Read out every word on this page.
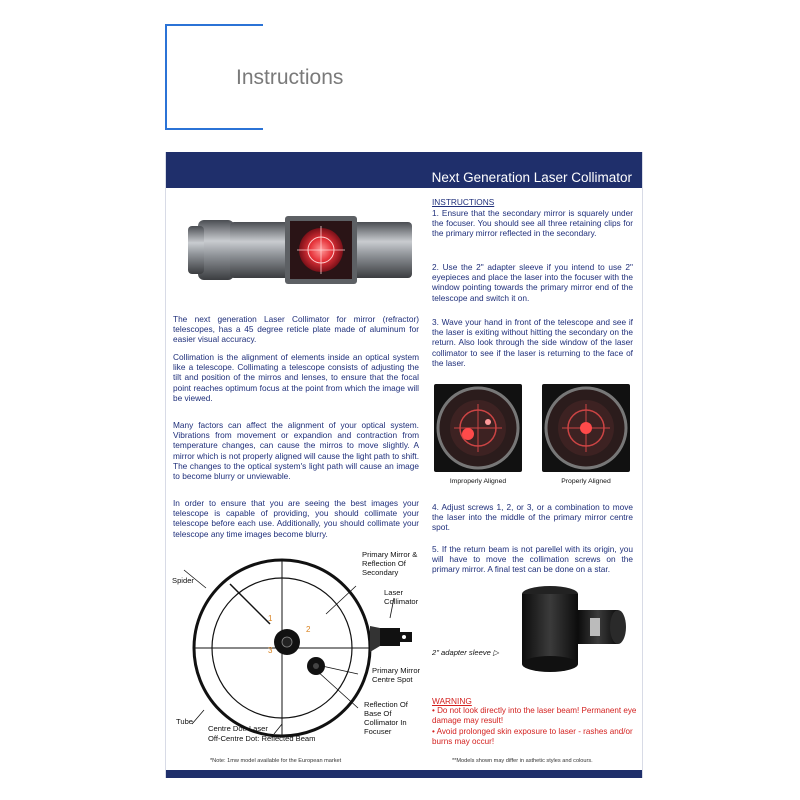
Instructions
Next Generation Laser Collimator
The next generation Laser Collimator for mirror (refractor) telescopes, has a 45 degree reticle plate made of aluminum for easier visual accuracy.
Collimation is the alignment of elements inside an optical system like a telescope. Collimating a telescope consists of adjusting the tilt and position of the mirros and lenses, to ensure that the focal point reaches optimum focus at the point from which the image will be viewed.
Many factors can affect the alignment of your optical system. Vibrations from movement or expandion and contraction from temperature changes, can cause the mirros to move slightly. A mirror which is not properly aligned will cause the light path to shift. The changes to the optical system's light path will cause an image to become blurry or unviewable.
In order to ensure that you are seeing the best images your telescope is capable of providing, you should collimate your telescope before each use. Additionally, you should collimate your telescope any time images become blurry.
INSTRUCTIONS
1. Ensure that the secondary mirror is squarely under the focuser. You should see all three retaining clips for the primary mirror reflected in the secondary.
2. Use the 2" adapter sleeve if you intend to use 2" eyepieces and place the laser into the focuser with the window pointing towards the primary mirror end of the telescope and switch it on.
3. Wave your hand in front of the telescope and see if the laser is exiting without hitting the secondary on the return. Also look through the side window of the laser collimator to see if the laser is returning to the face of the laser.
Improperly Aligned	Properly Aligned
4. Adjust screws 1, 2, or 3, or a combination to move the laser into the middle of the primary mirror centre spot.
5. If the return beam is not parellel with its origin, you will have to move the collimation screws on the primary mirror. A final test can be done on a star.
2" adapter sleeve ▷
1
2
3
Spider
Primary Mirror & Reflection Of Secondary
Laser Collimator
Primary Mirror Centre Spot
Reflection Of Base Of Collimator In Focuser
Tube
Centre Dot: Laser
Off-Centre Dot: Reflected Beam
WARNING
• Do not look directly into the laser beam! Permanent eye damage may result!
• Avoid prolonged skin exposure to laser - rashes and/or burns may occur!
*Note: 1mw model available for the European market	**Models shown may differ in asthetic styles and colours.
